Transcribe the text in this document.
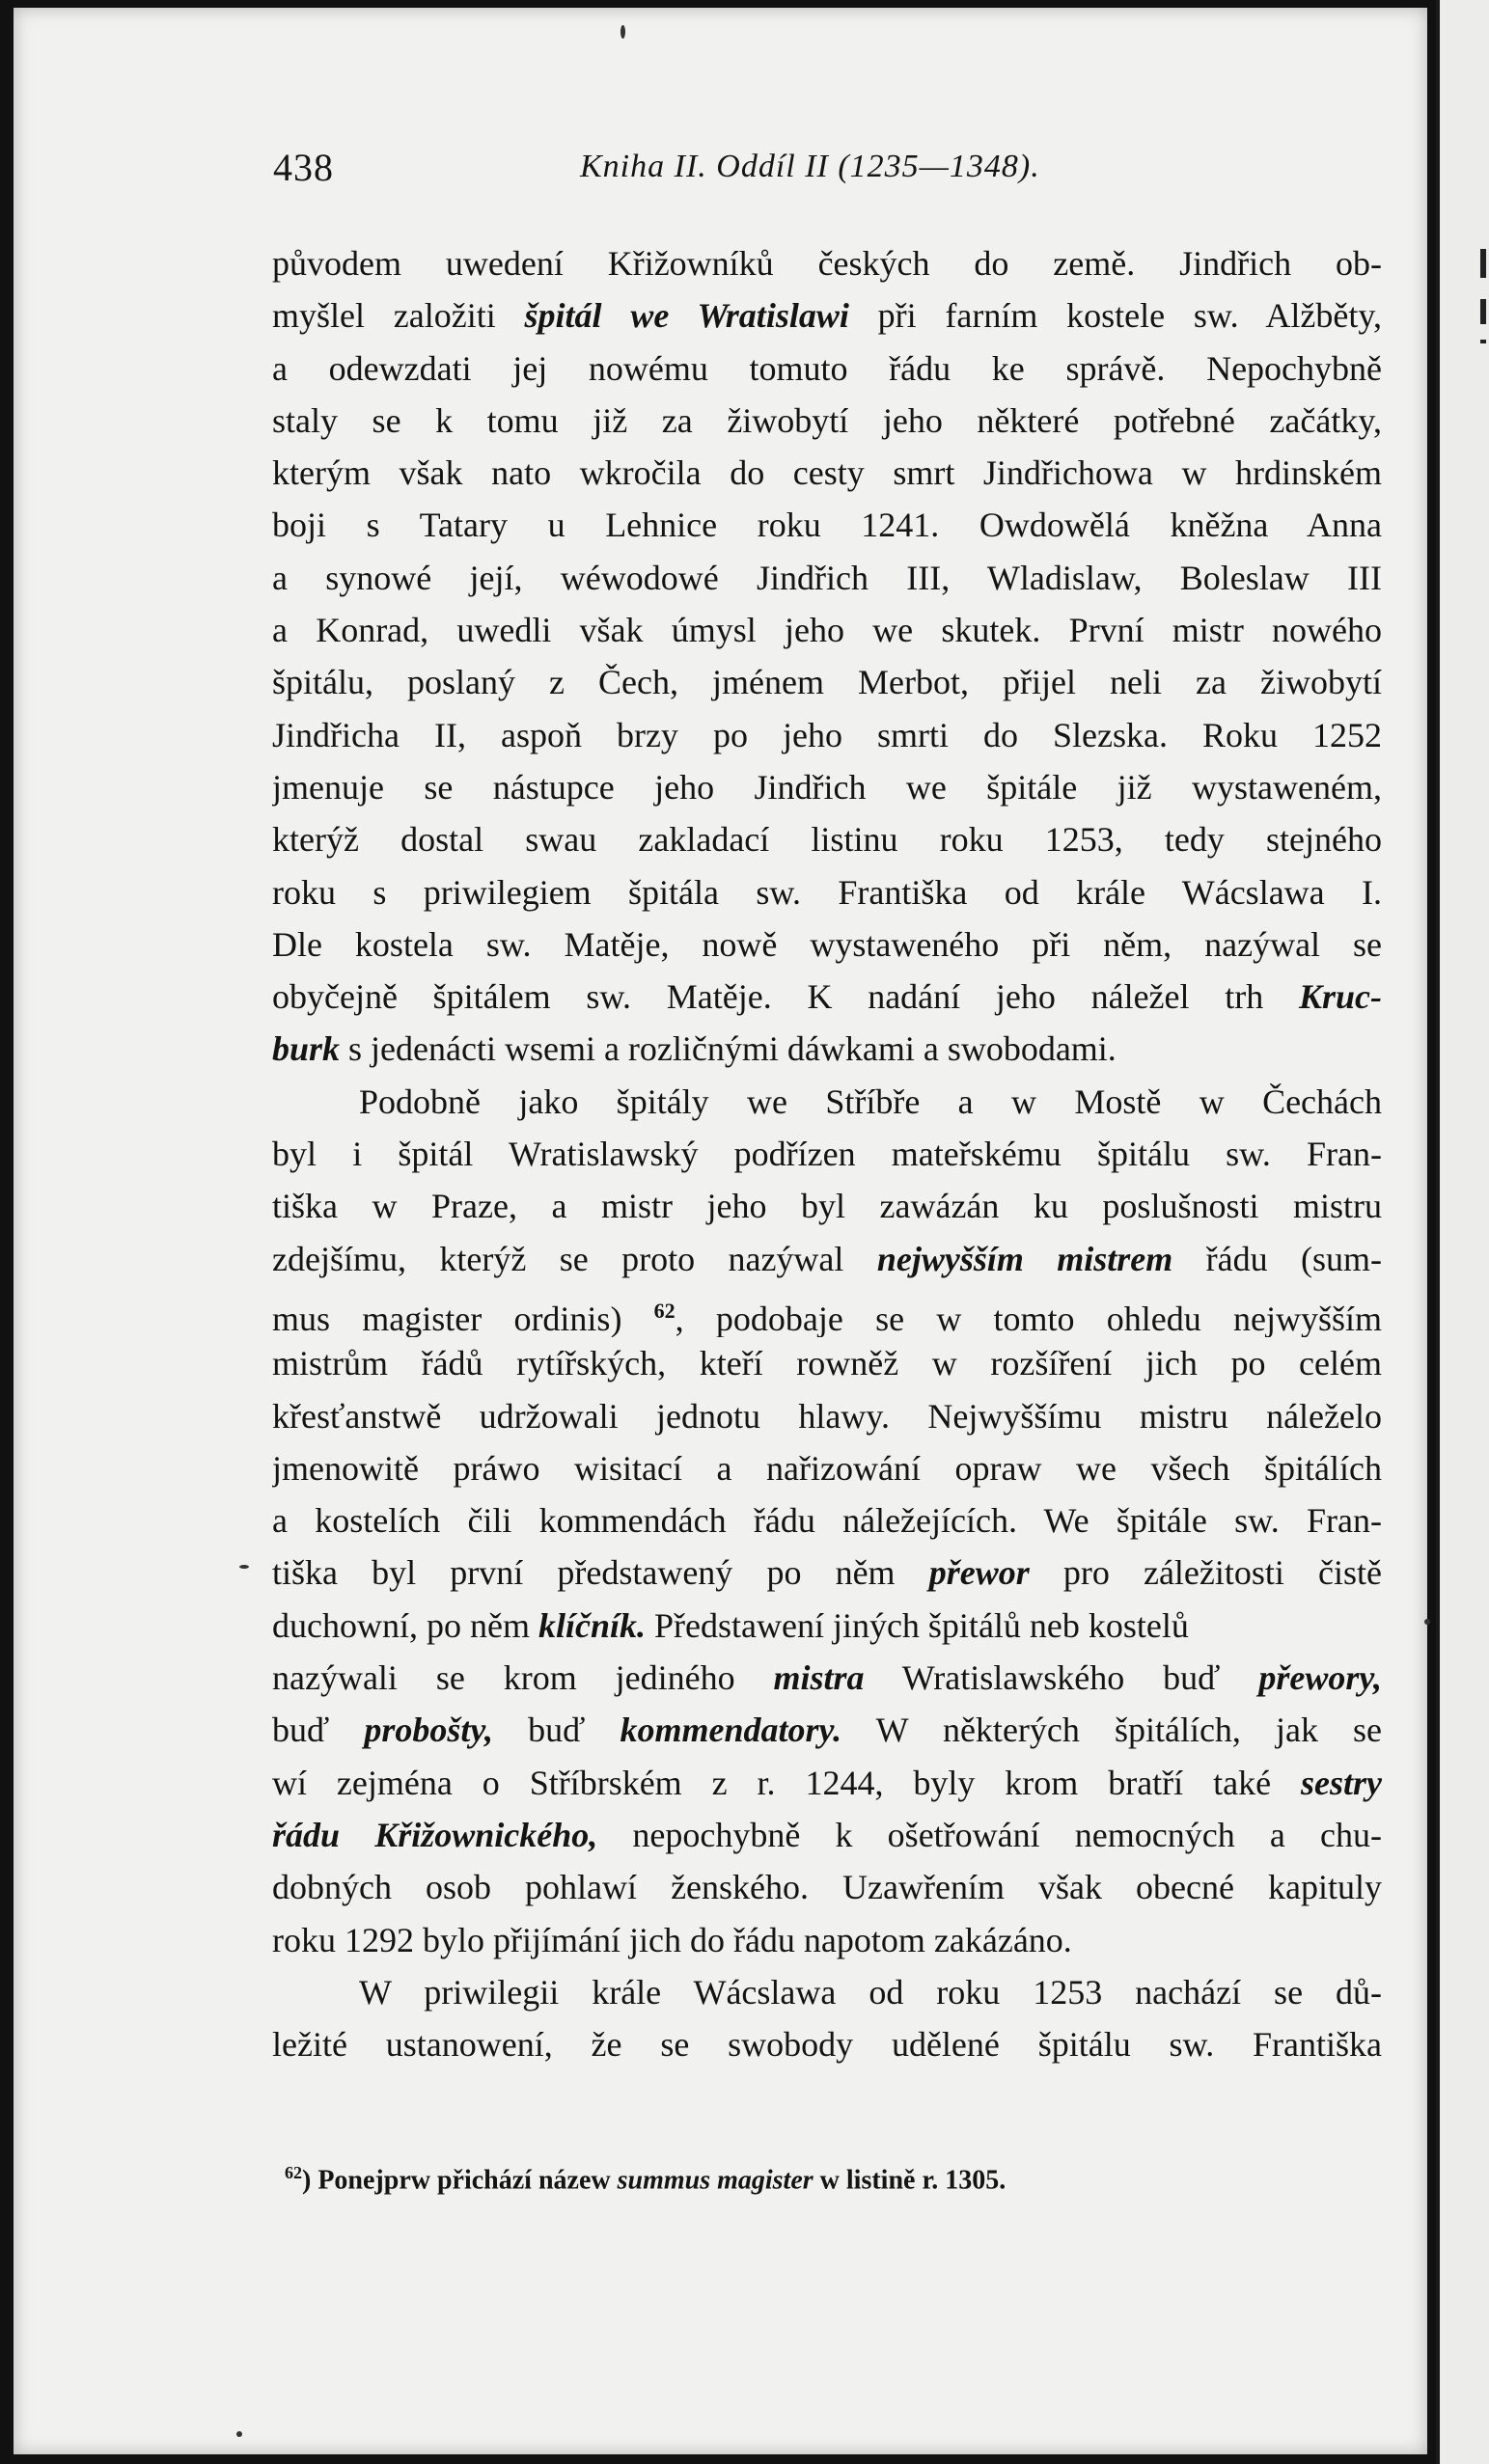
438	Kniha II. Oddíl II (1235—1348).
původem uwedení Křižowníků českých do země. Jindřich ob-
myšlel založiti špitál we Wratislawi při farním kostele sw. Alžběty,
a odewzdati jej nowému tomuto řádu ke správě. Nepochybně
staly se k tomu již za žiwobytí jeho některé potřebné začátky,
kterým však nato wkročila do cesty smrt Jindřichowa w hrdinském
boji s Tatary u Lehnice roku 1241. Owdowělá kněžna Anna
a synowé její, wéwodowé Jindřich III, Wladislaw, Boleslaw III
a Konrad, uwedli však úmysl jeho we skutek. První mistr nowého
špitálu, poslaný z Čech, jménem Merbot, přijel neli za žiwobytí
Jindřicha II, aspoň brzy po jeho smrti do Slezska. Roku 1252
jmenuje se nástupce jeho Jindřich we špitále již wystaweném,
kterýž dostal swau zakladací listinu roku 1253, tedy stejného
roku s priwilegiem špitála sw. Františka od krále Wácslawa I.
Dle kostela sw. Matěje, nowě wystaweného při něm, nazýwal se
obyčejně špitálem sw. Matěje. K nadání jeho náležel trh Kruc-
burk s jedenácti wsemi a rozličnými dáwkami a swobodami.
Podobně jako špitály we Stříbře a w Mostě w Čechách
byl i špitál Wratislawský podřízen mateřskému špitálu sw. Fran-
tiška w Praze, a mistr jeho byl zawázán ku poslušnosti mistru
zdejšímu, kterýž se proto nazýwal nejwyšším mistrem řádu (sum-
mus magister ordinis) $^{62}$, podobaje se w tomto ohledu nejwyšším
mistrům řádů rytířských, kteří rowněž w rozšíření jich po celém
křesťanstwě udržowali jednotu hlawy. Nejwyššímu mistru náleželo
jmenowitě práwo wisitací a nařizowání opraw we všech špitálích
a kostelích čili kommendách řádu náležejících. We špitále sw. Fran-
tiška byl první předstawený po něm přewor pro záležitosti čistě
duchowní, po něm klíčník. Předstawení jiných špitálů neb kostelů
nazýwali se krom jediného mistra Wratislawského buď přewory,
buď probošty, buď kommendatory. W některých špitálích, jak se
wí zejména o Stříbrském z r. 1244, byly krom bratří také sestry
řádu Křižownického, nepochybně k ošetřowání nemocných a chu-
dobných osob pohlawí ženského. Uzawřením však obecné kapituly
roku 1292 bylo přijímání jich do řádu napotom zakázáno.
W priwilegii krále Wácslawa od roku 1253 nachází se dů-
ležité ustanowení, že se swobody udělené špitálu sw. Františka
$^{62}$) Ponejprw přichází názew summus magister w listině r. 1305.
